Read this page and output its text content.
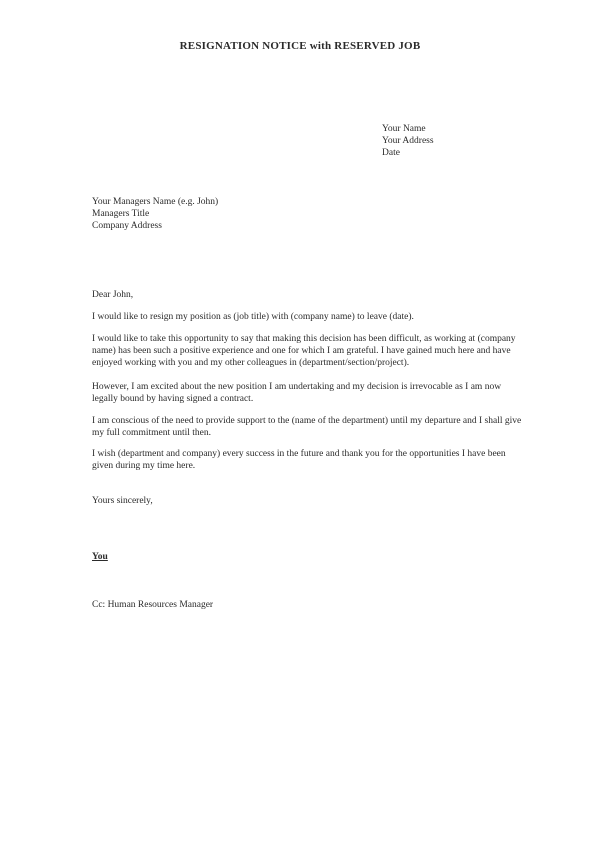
RESIGNATION NOTICE with RESERVED JOB
Your Name
Your Address
Date
Your Managers Name (e.g. John)
Managers Title
Company Address

Dear John,

I would like to resign my position as (job title) with (company name) to leave (date).

I would like to take this opportunity to say that making this decision has been difficult, as working at (company name) has been such a positive experience and one for which I am grateful. I have gained much here and have enjoyed working with you and my other colleagues in (department/section/project).

However, I am excited about the new position I am undertaking and my decision is irrevocable as I am now legally bound by having signed a contract.

I am conscious of the need to provide support to the (name of the department) until my departure and I shall give my full commitment until then.

I wish (department and company) every success in the future and thank you for the opportunities I have been given during my time here.

Yours sincerely,

You

Cc: Human Resources Manager
